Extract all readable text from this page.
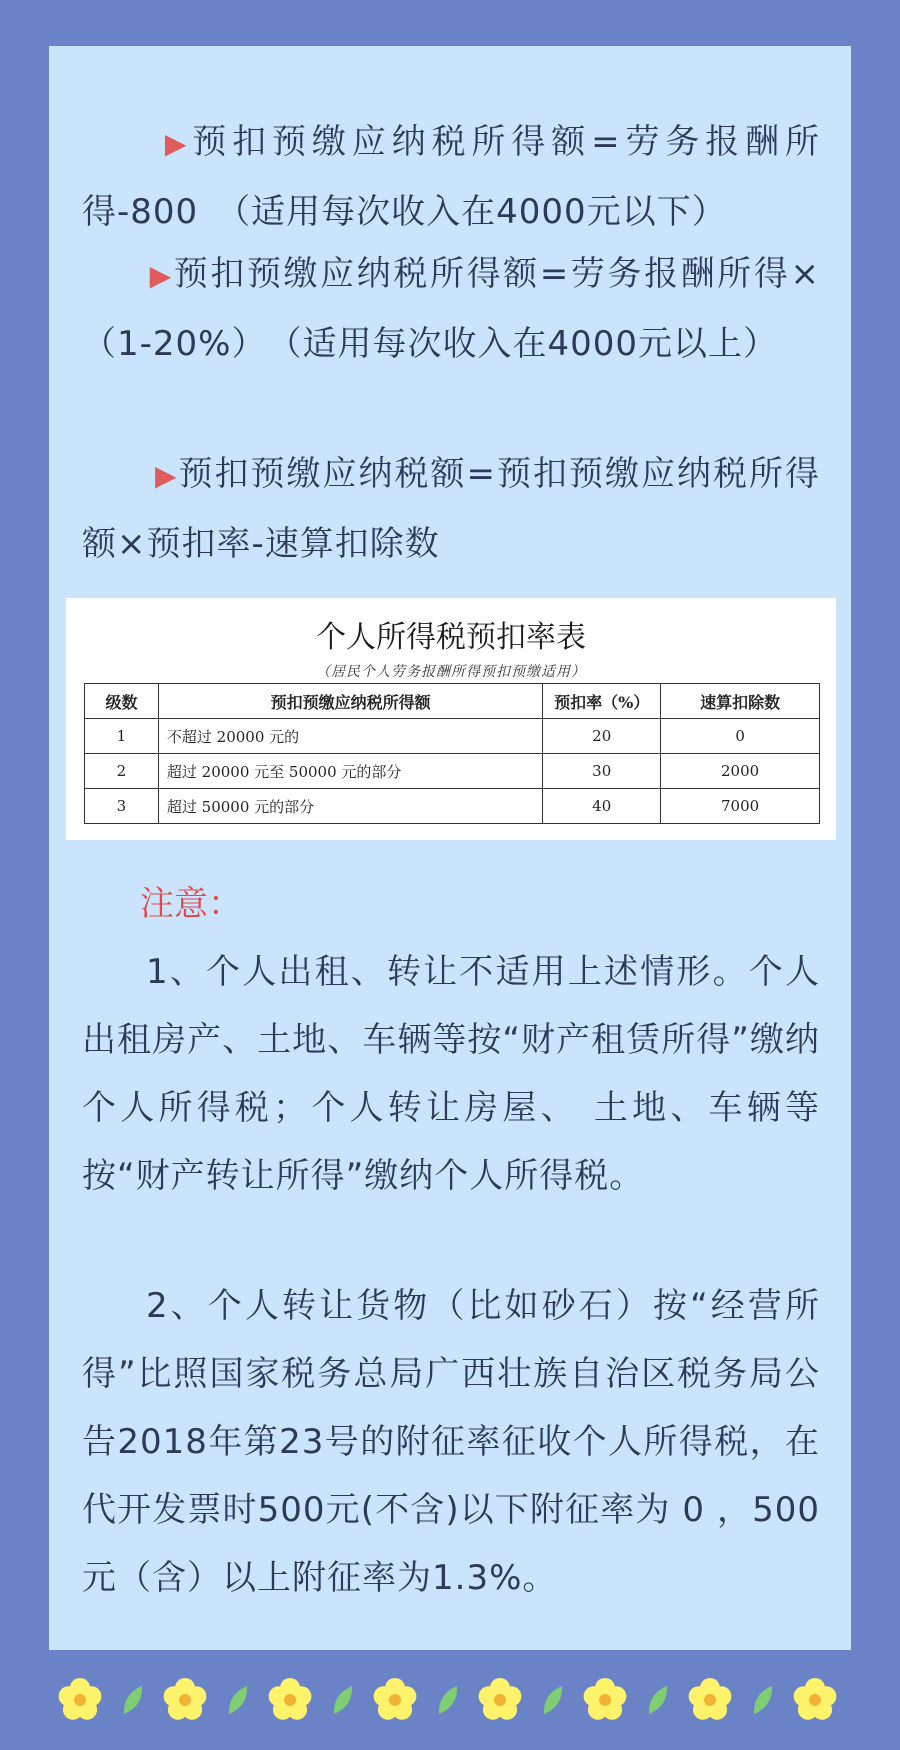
▶预扣预缴应纳税所得额=劳务报酬所得-800　（适用每次收入在4000元以下）

▶预扣预缴应纳税所得额=劳务报酬所得×（1-20%）　（适用每次收入在4000元以上）

▶预扣预缴应纳税额=预扣预缴应纳税所得额×预扣率-速算扣除数

个人所得税预扣率表
（居民个人劳务报酬所得预扣预缴适用）
级数	预扣预缴应纳税所得额	预扣率（%）	速算扣除数
1	不超过 20000 元的	20	0
2	超过 20000 元至 50000 元的部分	30	2000
3	超过 50000 元的部分	40	7000

注意：

1、个人出租、转让不适用上述情形。个人出租房产、土地、车辆等按“财产租赁所得”缴纳个人所得税；个人转让房屋、 土地、车辆等按“财产转让所得”缴纳个人所得税。

2、个人转让货物（比如砂石）按“经营所得”比照国家税务总局广西壮族自治区税务局公告2018年第23号的附征率征收个人所得税，在代开发票时500元(不含)以下附征率为 0 ，500元（含）以上附征率为1.3%。
